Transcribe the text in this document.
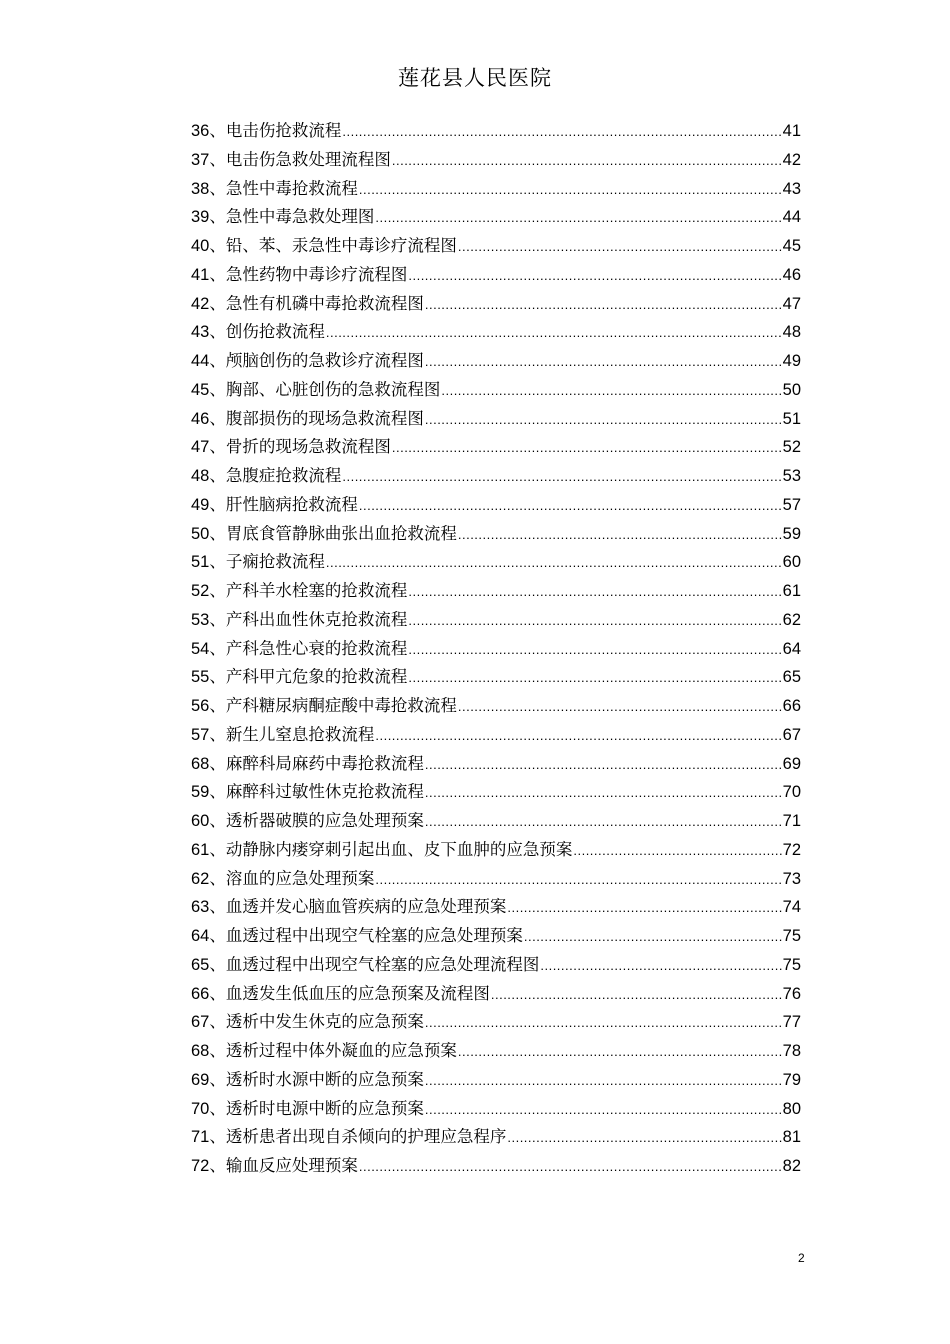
莲花县人民医院
36、 电击伤抢救流程 .....	41
37、 电击伤急救处理流程图 .....	42
38、 急性中毒抢救流程 .....	43
39、 急性中毒急救处理图 .....	44
40、 铅、苯、汞急性中毒诊疗流程图 .....	45
41、 急性药物中毒诊疗流程图 .....	46
42、 急性有机磷中毒抢救流程图 .....	47
43、 创伤抢救流程 .....	48
44、 颅脑创伤的急救诊疗流程图 .....	49
45、 胸部、心脏创伤的急救流程图 .....	50
46、 腹部损伤的现场急救流程图 .....	51
47、 骨折的现场急救流程图 .....	52
48、 急腹症抢救流程 .....	53
49、 肝性脑病抢救流程 .....	57
50、 胃底食管静脉曲张出血抢救流程 .....	59
51、 子痫抢救流程 .....	60
52、 产科羊水栓塞的抢救流程 .....	61
53、 产科出血性休克抢救流程 .....	62
54、 产科急性心衰的抢救流程 .....	64
55、 产科甲亢危象的抢救流程 .....	65
56、 产科糖尿病酮症酸中毒抢救流程 .....	66
57、 新生儿窒息抢救流程 .....	67
68、 麻醉科局麻药中毒抢救流程 .....	69
59、 麻醉科过敏性休克抢救流程 .....	70
60、 透析器破膜的应急处理预案 .....	71
61、 动静脉内瘘穿刺引起出血、皮下血肿的应急预案 .....	72
62、 溶血的应急处理预案 .....	73
63、 血透并发心脑血管疾病的应急处理预案 .....	74
64、 血透过程中出现空气栓塞的应急处理预案 .....	75
65、 血透过程中出现空气栓塞的应急处理流程图 .....	75
66、 血透发生低血压的应急预案及流程图 .....	76
67、 透析中发生休克的应急预案 .....	77
68、 透析过程中体外凝血的应急预案 .....	78
69、 透析时水源中断的应急预案 .....	79
70、 透析时电源中断的应急预案 .....	80
71、 透析患者出现自杀倾向的护理应急程序 .....	81
72、 输血反应处理预案 .....	82
2
